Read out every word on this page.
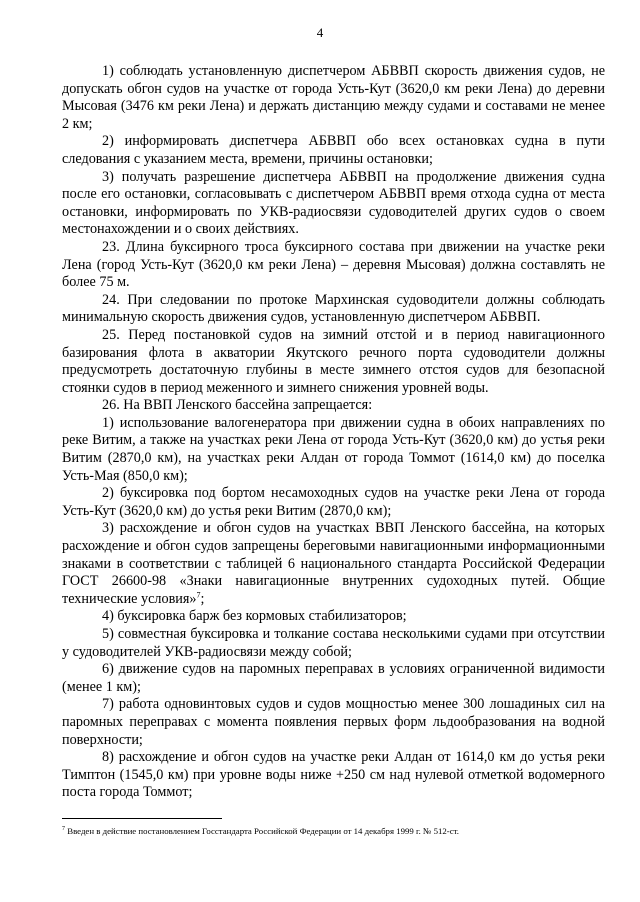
4

1) соблюдать установленную диспетчером АБВВП скорость движения судов, не допускать обгон судов на участке от города Усть-Кут (3620,0 км реки Лена) до деревни Мысовая (3476 км реки Лена) и держать дистанцию между судами и составами не менее 2 км;

2) информировать диспетчера АБВВП обо всех остановках судна в пути следования с указанием места, времени, причины остановки;

3) получать разрешение диспетчера АБВВП на продолжение движения судна после его остановки, согласовывать с диспетчером АБВВП время отхода судна от места остановки, информировать по УКВ-радиосвязи судоводителей других судов о своем местонахождении и о своих действиях.

23. Длина буксирного троса буксирного состава при движении на участке реки Лена (город Усть-Кут (3620,0 км реки Лена) – деревня Мысовая) должна составлять не более 75 м.

24. При следовании по протоке Мархинская судоводители должны соблюдать минимальную скорость движения судов, установленную диспетчером АБВВП.

25. Перед постановкой судов на зимний отстой и в период навигационного базирования флота в акватории Якутского речного порта судоводители должны предусмотреть достаточную глубины в месте зимнего отстоя судов для безопасной стоянки судов в период меженного и зимнего снижения уровней воды.

26. На ВВП Ленского бассейна запрещается:

1) использование валогенератора при движении судна в обоих направлениях по реке Витим, а также на участках реки Лена от города Усть-Кут (3620,0 км) до устья реки Витим (2870,0 км), на участках реки Алдан от города Томмот (1614,0 км) до поселка Усть-Мая (850,0 км);

2) буксировка под бортом несамоходных судов на участке реки Лена от города Усть-Кут (3620,0 км) до устья реки Витим (2870,0 км);

3) расхождение и обгон судов на участках ВВП Ленского бассейна, на которых расхождение и обгон судов запрещены береговыми навигационными информационными знаками в соответствии с таблицей 6 национального стандарта Российской Федерации ГОСТ 26600-98 «Знаки навигационные внутренних судоходных путей. Общие технические условия»$^7$;

4) буксировка барж без кормовых стабилизаторов;

5) совместная буксировка и толкание состава несколькими судами при отсутствии у судоводителей УКВ-радиосвязи между собой;

6) движение судов на паромных переправах в условиях ограниченной видимости (менее 1 км);

7) работа одновинтовых судов и судов мощностью менее 300 лошадиных сил на паромных переправах с момента появления первых форм льдообразования на водной поверхности;

8) расхождение и обгон судов на участке реки Алдан от 1614,0 км до устья реки Тимптон (1545,0 км) при уровне воды ниже +250 см над нулевой отметкой водомерного поста города Томмот;

$^7$ Введен в действие постановлением Госстандарта Российской Федерации от 14 декабря 1999 г. № 512-ст.
